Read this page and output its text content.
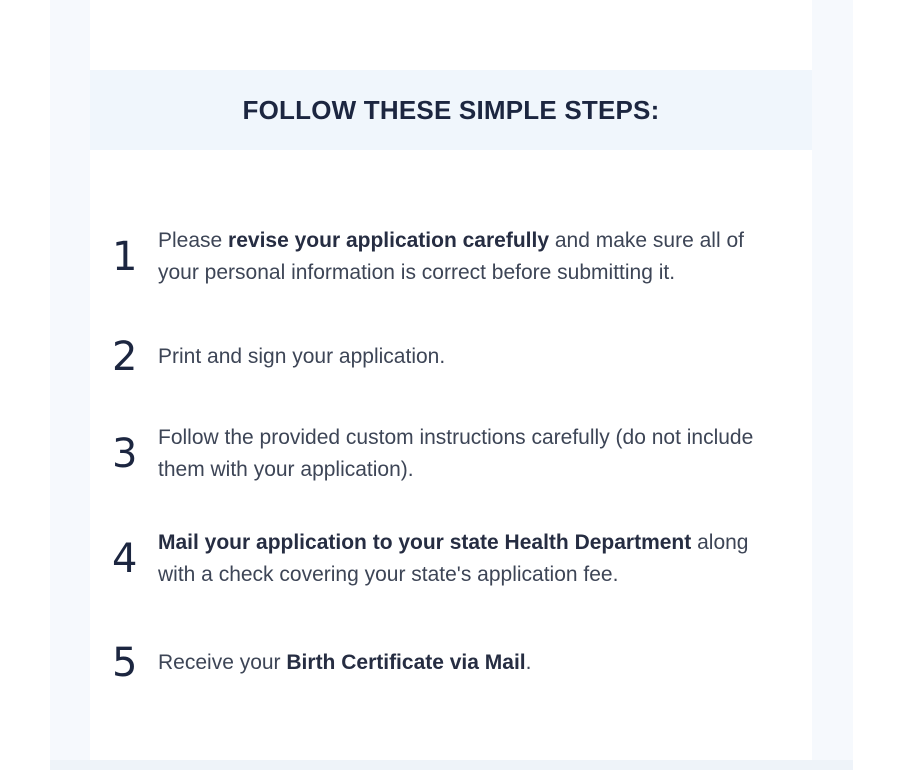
FOLLOW THESE SIMPLE STEPS:
1 Please revise your application carefully and make sure all of your personal information is correct before submitting it.
2 Print and sign your application.
3 Follow the provided custom instructions carefully (do not include them with your application).
4 Mail your application to your state Health Department along with a check covering your state's application fee.
5 Receive your Birth Certificate via Mail.
